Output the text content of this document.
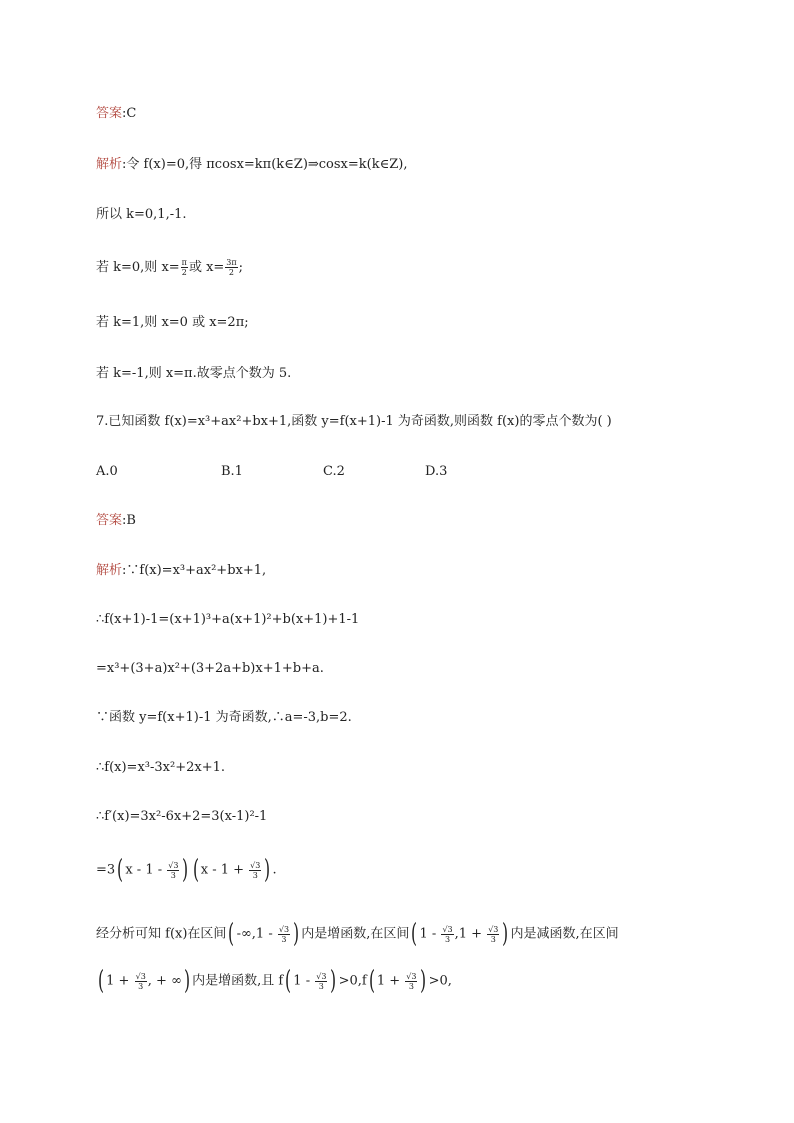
答案:C
解析:令 f(x)=0,得 πcosx=kπ(k∈Z)⇒cosx=k(k∈Z),
所以 k=0,1,-1.
若 k=0,则 $x= \frac{\pi}{2}$ 或 $x= \frac{3\pi}{2}$ ;
若 k=1,则 x=0 或 x=2π;
若 k=-1,则 x=π.故零点个数为 5.
7.已知函数 f(x)=x³+ax²+bx+1,函数 y=f(x+1)-1 为奇函数,则函数 f(x)的零点个数为( )
A.0	B.1	C.2	D.3
答案:B
解析:∵f(x)=x³+ax²+bx+1,
∴f(x+1)-1=(x+1)³+a(x+1)²+b(x+1)+1-1
=x³+(3+a)x²+(3+2a+b)x+1+b+a.
∵函数 y=f(x+1)-1 为奇函数,∴a=-3,b=2.
∴f(x)=x³-3x²+2x+1.
∴f′(x)=3x²-6x+2=3(x-1)²-1
=3( x - $1 - \frac{√3}{3}$ ) ( $x - 1 + \frac{√3}{3}$ ) .
经分析可知 f(x)在区间( $-\infty,1 - \frac{√3}{3}$ ) 内是增函数,在区间( $1 - \frac{√3}{3} ,1 + \frac{√3}{3}$ ) 内是减函数,在区间
( $1 + \frac{√3}{3}$ , + ∞) 内是增函数,且 f( $1 - \frac{√3}{3}$ ) >0,f( $1 + \frac{√3}{3}$ ) >0,
